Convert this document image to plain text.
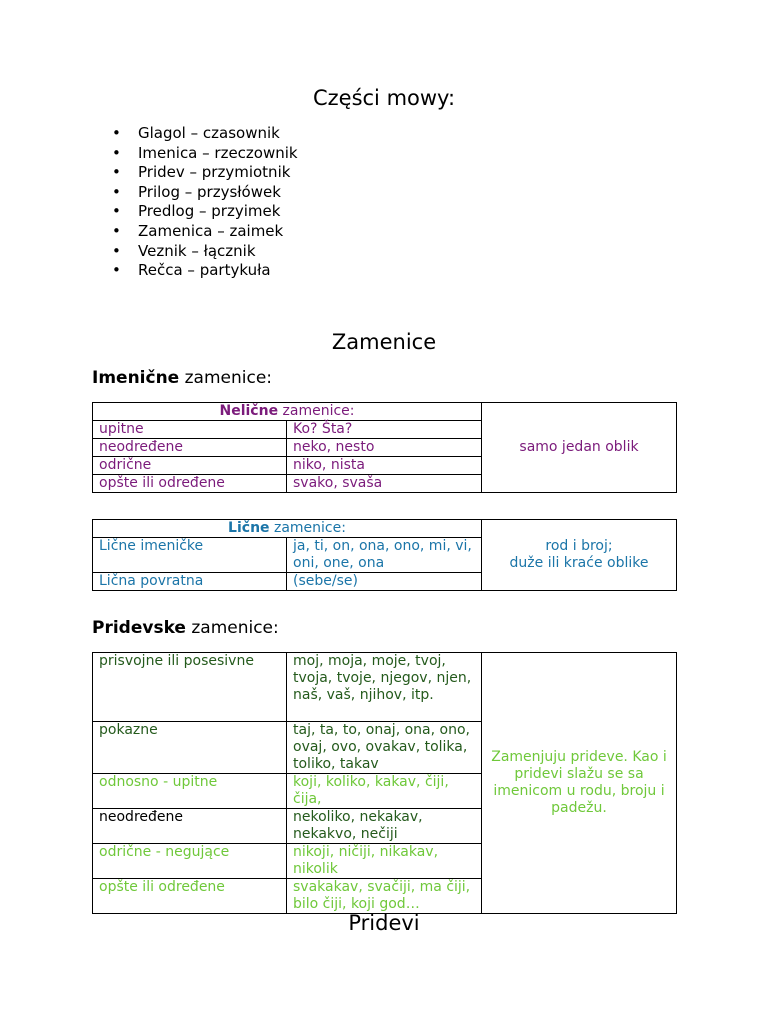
Części mowy:
• Glagol – czasownik
• Imenica – rzeczownik
• Pridev – przymiotnik
• Prilog – przysłówek
• Predlog – przyimek
• Zamenica – zaimek
• Veznik – łącznik
• Rečca – partykuła
Zamenice
Imenične zamenice:
Nelične zamenice:		samo jedan oblik
upitne	Ko? Šta?	
neodređene	neko, nesto	
odrične	niko, nista	
opšte ili određene	svako, svaša	
Lične zamenice:		rod i broj;
duže ili kraće oblike
Lične imeničke	ja, ti, on, ona, ono, mi, vi, oni, one, ona	
Lična povratna	(sebe/se)	
Pridevske zamenice:
prisvojne ili posesivne	moj, moja, moje, tvoj, tvoja, tvoje, njegov, njen, naš, vaš, njihov, itp.	Zamenjuju prideve. Kao i pridevi slažu se sa imenicom u rodu, broju i padežu.
pokazne	taj, ta, to, onaj, ona, ono, ovaj, ovo, ovakav, tolika, toliko, takav	
odnosno - upitne	koji, koliko, kakav, čiji, čija,	
neodređene	nekoliko, nekakav, nekakvo, nečiji	
odrične - negujące	nikoji, ničiji, nikakav, nikolik	
opšte ili određene	svakakav, svačiji, ma čiji, bilo čiji, koji god…	
Pridevi
